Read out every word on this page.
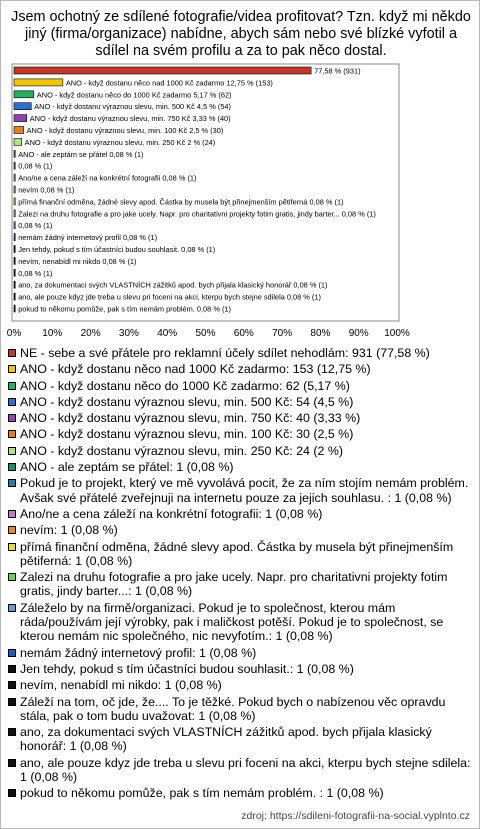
Jsem ochotný ze sdílené fotografie/videa profitovat? Tzn. když mi někdo jiný (firma/organizace) nabídne, abych sám nebo své blízké vyfotil a sdílel na svém profilu a za to pak něco dostal.
77,58 % (931)
ANO - když dostanu něco nad 1000 Kč zadarmo 12,75 % (153)
ANO - když dostanu něco do 1000 Kč zadarmo 5,17 % (62)
ANO - když dostanu výraznou slevu, min. 500 Kč 4,5 % (54)
ANO - když dostanu výraznou slevu, min. 750 Kč 3,33 % (40)
ANO - když dostanu výraznou slevu, min. 100 Kč 2,5 % (30)
ANO - když dostanu výraznou slevu, min. 250 Kč 2 % (24)
ANO - ale zeptám se přátel 0,08 % (1)
0,08 % (1)
Ano/ne a cena záleží na konkrétní fotografii 0,08 % (1)
nevím 0,08 % (1)
přímá finanční odměna, žádné slevy apod. Částka by musela být přinejmenším pětiferná 0,08 % (1)
Zalezi na druhu fotografie a pro jake ucely. Napr. pro charitativni projekty fotim gratis, jindy barter... 0,08 % (1)
0,08 % (1)
nemám žádný internetový profil 0,08 % (1)
Jen tehdy, pokud s tím účastníci budou souhlasit. 0,08 % (1)
nevím, nenabídl mi nikdo 0,08 % (1)
0,08 % (1)
ano, za dokumentaci svých VLASTNÍCH zážitků apod. bych přijala klasický honorář 0,08 % (1)
ano, ale pouze kdyz jde treba u slevu pri foceni na akci, kterpu bych stejne sdilela 0,08 % (1)
pokud to někomu pomůže, pak s tím nemám problém. 0,08 % (1)
0% 10% 20% 30% 40% 50% 60% 70% 80% 90% 100%
NE - sebe a své přátele pro reklamní účely sdílet nehodlám: 931 (77,58 %)
ANO - když dostanu něco nad 1000 Kč zadarmo: 153 (12,75 %)
ANO - když dostanu něco do 1000 Kč zadarmo: 62 (5,17 %)
ANO - když dostanu výraznou slevu, min. 500 Kč: 54 (4,5 %)
ANO - když dostanu výraznou slevu, min. 750 Kč: 40 (3,33 %)
ANO - když dostanu výraznou slevu, min. 100 Kč: 30 (2,5 %)
ANO - když dostanu výraznou slevu, min. 250 Kč: 24 (2 %)
ANO - ale zeptám se přátel: 1 (0,08 %)
Pokud je to projekt, který ve mě vyvolává pocit, že za ním stojím nemám problém. Avšak své přátelé zveřejnuji na internetu pouze za jejich souhlasu. : 1 (0,08 %)
Ano/ne a cena záleží na konkrétní fotografii: 1 (0,08 %)
nevím: 1 (0,08 %)
přímá finanční odměna, žádné slevy apod. Částka by musela být přinejmenším pětiferná: 1 (0,08 %)
Zalezi na druhu fotografie a pro jake ucely. Napr. pro charitativni projekty fotim gratis, jindy barter...: 1 (0,08 %)
Záleželo by na firmě/organizaci. Pokud je to společnost, kterou mám ráda/používám její výrobky, pak i maličkost potěší. Pokud je to společnost, se kterou nemám nic společného, nic nevyfotím.: 1 (0,08 %)
nemám žádný internetový profil: 1 (0,08 %)
Jen tehdy, pokud s tím účastníci budou souhlasit.: 1 (0,08 %)
nevím, nenabídl mi nikdo: 1 (0,08 %)
Záleží na tom, oč jde, že.... To je těžké. Pokud bych o nabízenou věc opravdu stála, pak o tom budu uvažovat: 1 (0,08 %)
ano, za dokumentaci svých VLASTNÍCH zážitků apod. bych přijala klasický honorář: 1 (0,08 %)
ano, ale pouze kdyz jde treba u slevu pri foceni na akci, kterpu bych stejne sdilela: 1 (0,08 %)
pokud to někomu pomůže, pak s tím nemám problém. : 1 (0,08 %)
zdroj: https://sdileni-fotografii-na-social.vyplnto.cz
